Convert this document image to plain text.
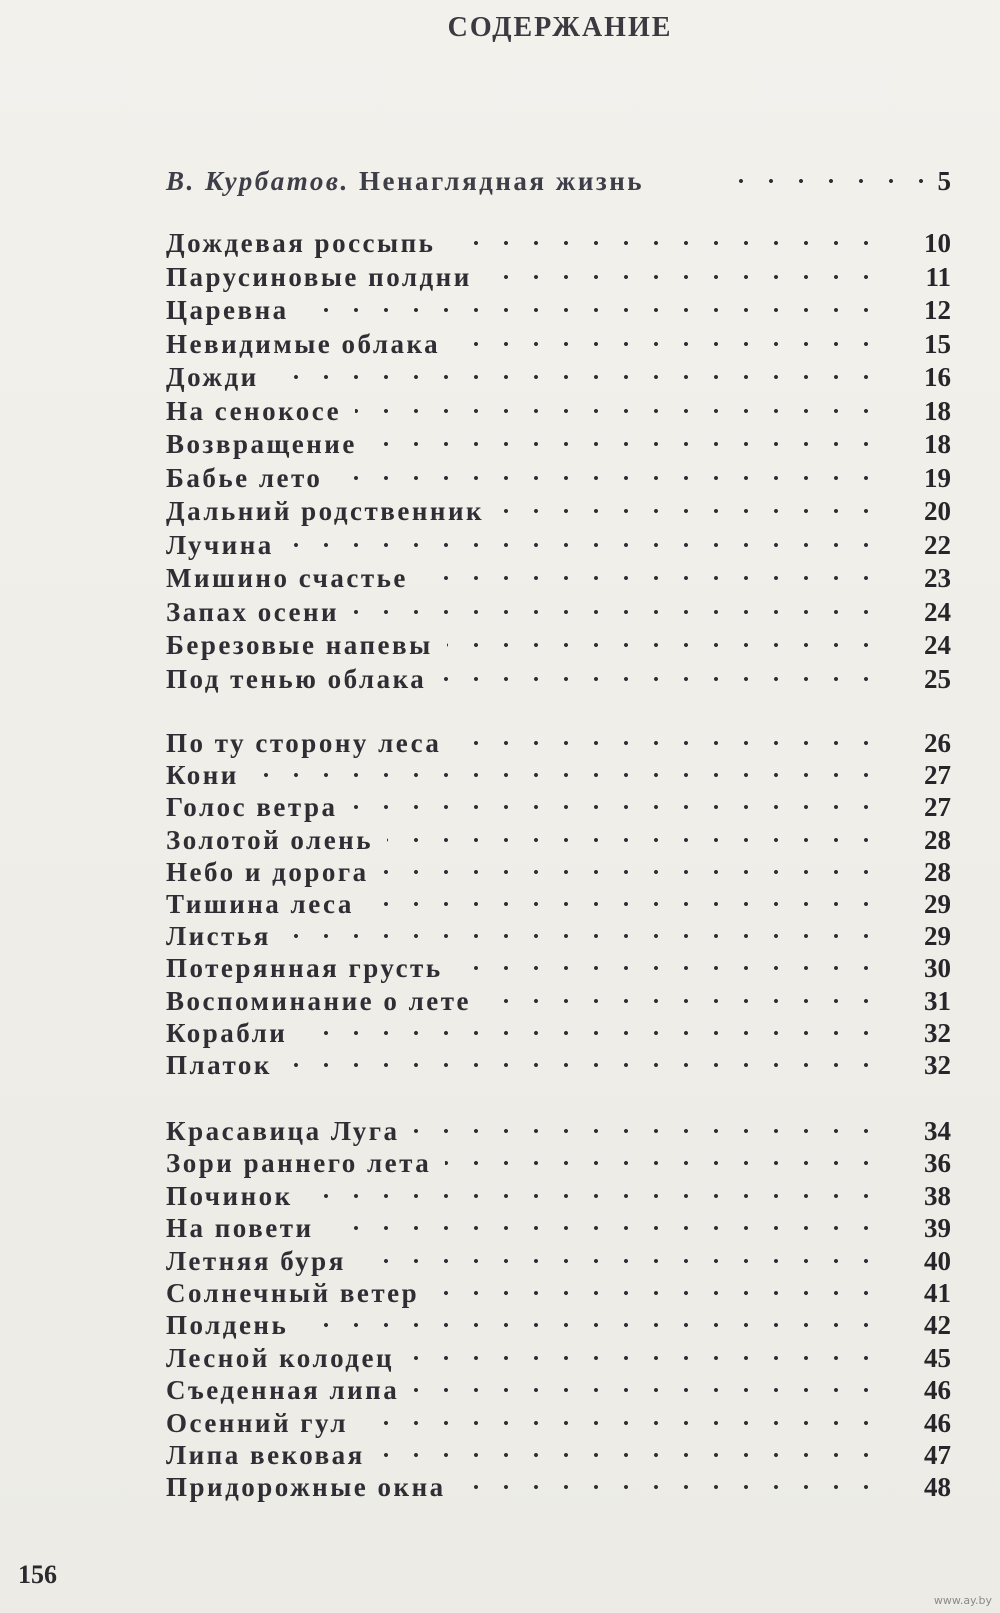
СОДЕРЖАНИЕ
В. Курбатов. Ненаглядная жизнь	5
Дождевая россыпь	10
Парусиновые полдни	11
Царевна	12
Невидимые облака	15
Дожди	16
На сенокосе	18
Возвращение	18
Бабье лето	19
Дальний родственник	20
Лучина	22
Мишино счастье	23
Запах осени	24
Березовые напевы	24
Под тенью облака	25
По ту сторону леса	26
Кони	27
Голос ветра	27
Золотой олень	28
Небо и дорога	28
Тишина леса	29
Листья	29
Потерянная грусть	30
Воспоминание о лете	31
Корабли	32
Платок	32
Красавица Луга	34
Зори раннего лета	36
Починок	38
На повети	39
Летняя буря	40
Солнечный ветер	41
Полдень	42
Лесной колодец	45
Съеденная липа	46
Осенний гул	46
Липа вековая	47
Придорожные окна	48
156
www.ay.by
